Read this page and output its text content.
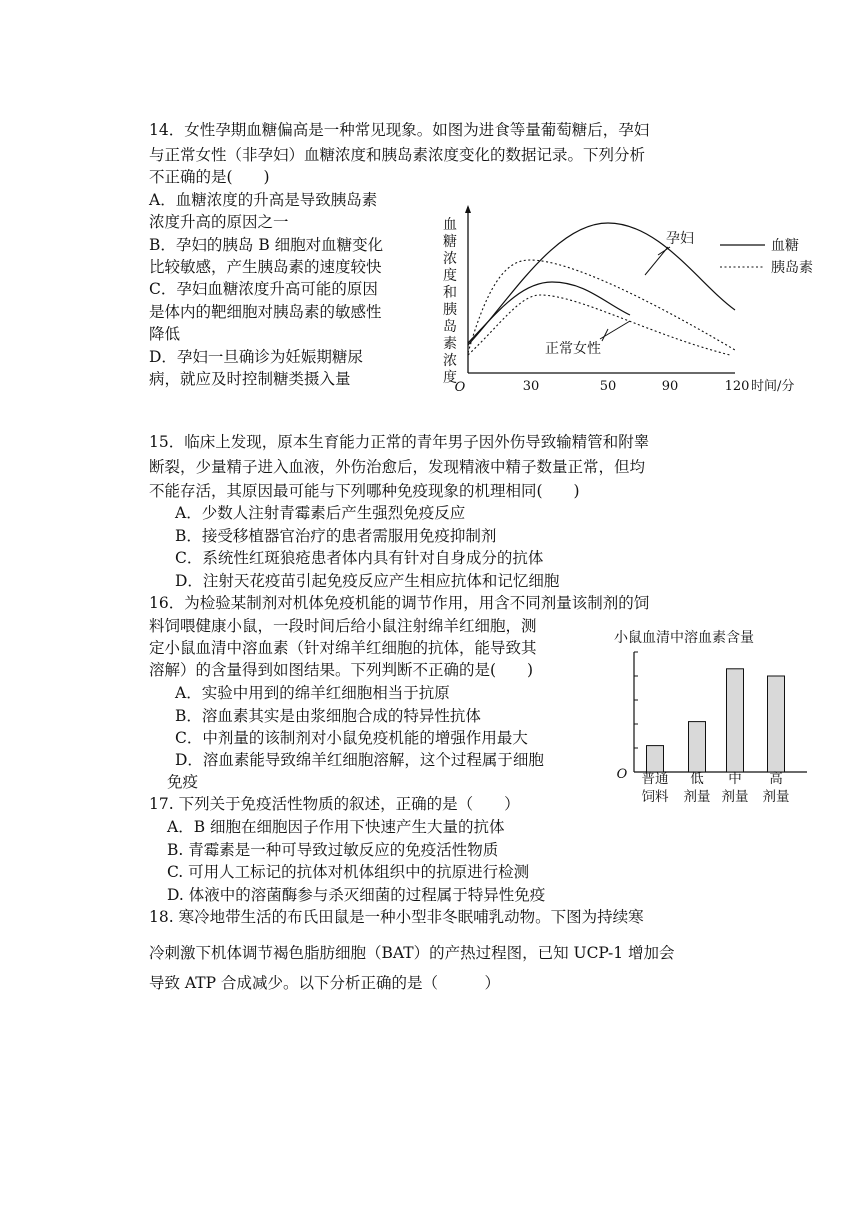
14．女性孕期血糖偏高是一种常见现象。如图为进食等量葡萄糖后，孕妇
与正常女性（非孕妇）血糖浓度和胰岛素浓度变化的数据记录。下列分析
不正确的是(　　)
A．血糖浓度的升高是导致胰岛素
浓度升高的原因之一
B．孕妇的胰岛 B 细胞对血糖变化
比较敏感，产生胰岛素的速度较快
C．孕妇血糖浓度升高可能的原因
是体内的靶细胞对胰岛素的敏感性
降低
D．孕妇一旦确诊为妊娠期糖尿
病，就应及时控制糖类摄入量
血
糖
浓
度
和
胰
岛
素
浓
度
O	30	50	90	120 时间/分
孕妇
正常女性
血糖
胰岛素
15．临床上发现，原本生育能力正常的青年男子因外伤导致输精管和附睾
断裂，少量精子进入血液，外伤治愈后，发现精液中精子数量正常，但均
不能存活，其原因最可能与下列哪种免疫现象的机理相同(　　)
A．少数人注射青霉素后产生强烈免疫反应
B．接受移植器官治疗的患者需服用免疫抑制剂
C．系统性红斑狼疮患者体内具有针对自身成分的抗体
D．注射天花疫苗引起免疫反应产生相应抗体和记忆细胞
16．为检验某制剂对机体免疫机能的调节作用，用含不同剂量该制剂的饲
料饲喂健康小鼠，一段时间后给小鼠注射绵羊红细胞，测
定小鼠血清中溶血素（针对绵羊红细胞的抗体，能导致其
溶解）的含量得到如图结果。下列判断不正确的是(　　)
A．实验中用到的绵羊红细胞相当于抗原
B．溶血素其实是由浆细胞合成的特异性抗体
C．中剂量的该制剂对小鼠免疫机能的增强作用最大
D．溶血素能导致绵羊红细胞溶解，这个过程属于细胞
免疫
小鼠血清中溶血素含量
O 普通
饲料
低
剂量
中
剂量
高
剂量
17. 下列关于免疫活性物质的叙述，正确的是（　　）
A．B 细胞在细胞因子作用下快速产生大量的抗体
B. 青霉素是一种可导致过敏反应的免疫活性物质
C. 可用人工标记的抗体对机体组织中的抗原进行检测
D. 体液中的溶菌酶参与杀灭细菌的过程属于特异性免疫
18. 寒冷地带生活的布氏田鼠是一种小型非冬眠哺乳动物。下图为持续寒
冷刺激下机体调节褐色脂肪细胞（BAT）的产热过程图，已知 UCP-1 增加会
导致 ATP 合成减少。以下分析正确的是（　　　）
